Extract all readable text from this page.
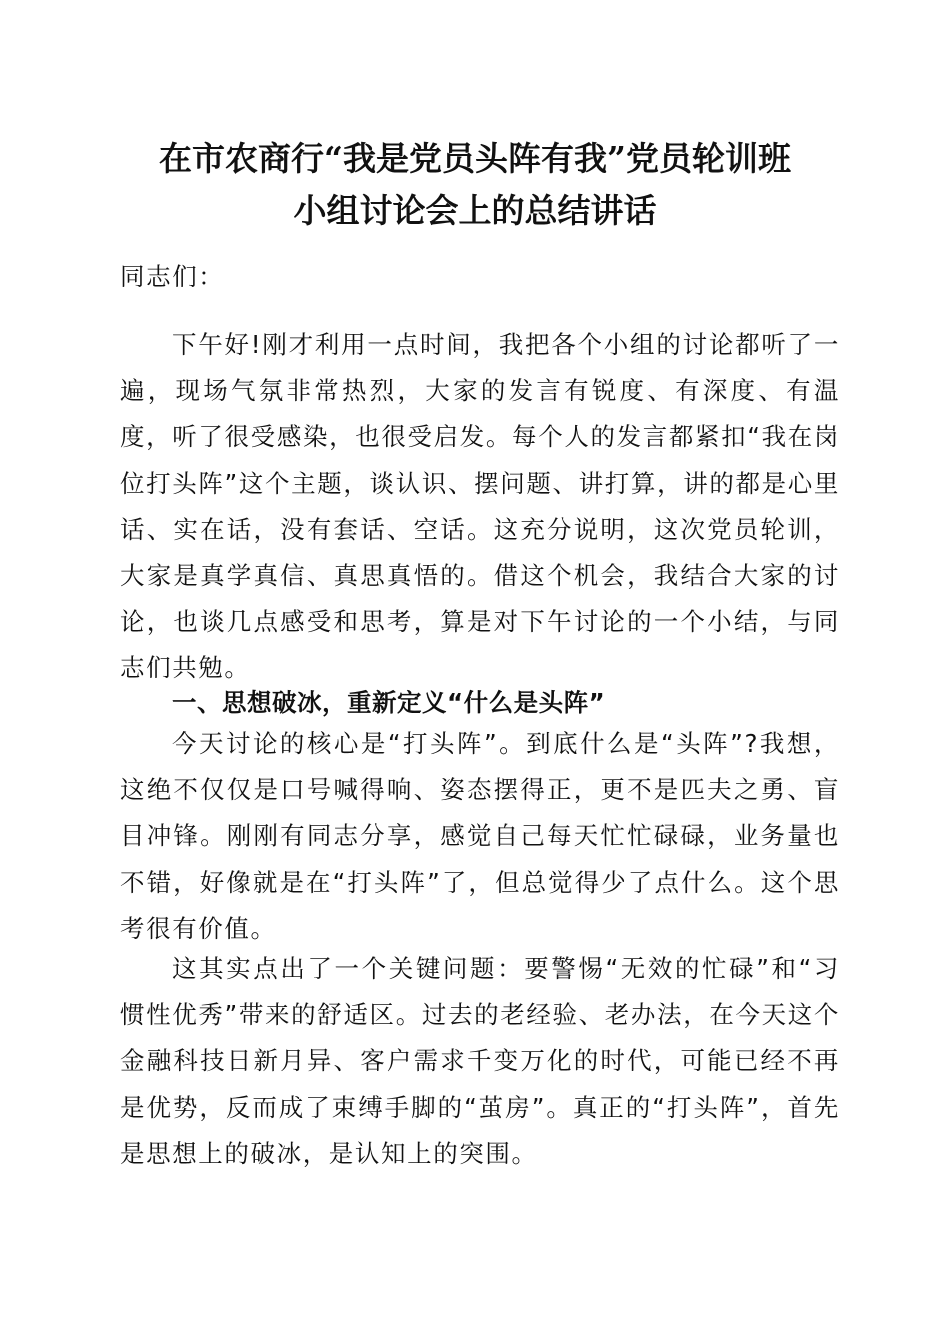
在市农商行“我是党员头阵有我”党员轮训班
小组讨论会上的总结讲话

同志们：

下午好!刚才利用一点时间，我把各个小组的讨论都听了一遍，现场气氛非常热烈，大家的发言有锐度、有深度、有温度，听了很受感染，也很受启发。每个人的发言都紧扣“我在岗位打头阵”这个主题，谈认识、摆问题、讲打算，讲的都是心里话、实在话，没有套话、空话。这充分说明，这次党员轮训，大家是真学真信、真思真悟的。借这个机会，我结合大家的讨论，也谈几点感受和思考，算是对下午讨论的一个小结，与同志们共勉。

一、思想破冰，重新定义“什么是头阵”

今天讨论的核心是“打头阵”。到底什么是“头阵”?我想，这绝不仅仅是口号喊得响、姿态摆得正，更不是匹夫之勇、盲目冲锋。刚刚有同志分享，感觉自己每天忙忙碌碌，业务量也不错，好像就是在“打头阵”了，但总觉得少了点什么。这个思考很有价值。

这其实点出了一个关键问题：要警惕“无效的忙碌”和“习惯性优秀”带来的舒适区。过去的老经验、老办法，在今天这个金融科技日新月异、客户需求千变万化的时代，可能已经不再是优势，反而成了束缚手脚的“茧房”。真正的“打头阵”，首先是思想上的破冰，是认知上的突围。
